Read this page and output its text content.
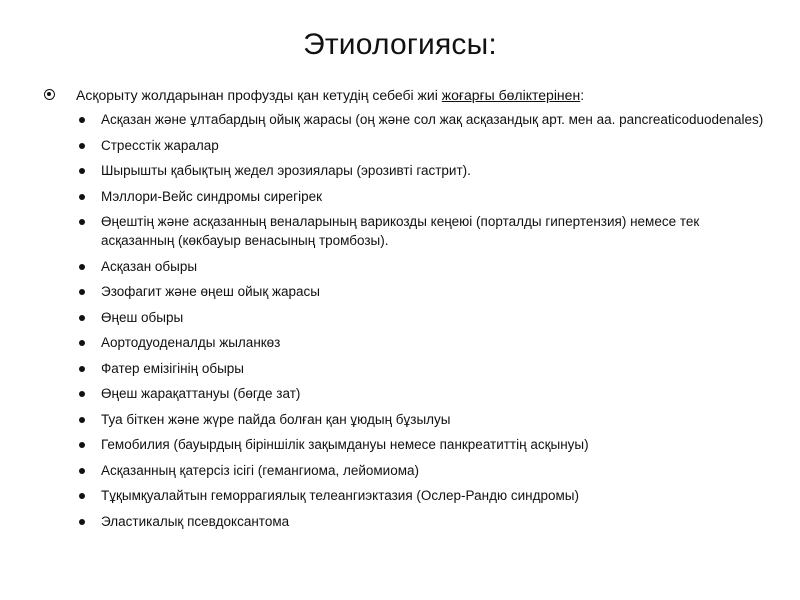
Этиологиясы:
Асқорыту жолдарынан профузды қан кетудің себебі жиі жоғарғы бөліктерінен:
Асқазан және ұлтабардың ойық жарасы (оң және сол жақ асқазандық арт. мен аа. pancreaticoduodenales)
Стресстік жаралар
Шырышты қабықтың жедел эрозиялары (эрозивті гастрит).
Мэллори-Вейс синдромы сирегірек
Өңештің және асқазанның веналарының варикозды кеңеюі (порталды гипертензия) немесе тек асқазанның (көкбауыр венасының тромбозы).
Асқазан обыры
Эзофагит және өңеш ойық жарасы
Өңеш обыры
Аортодуоденалды жыланкөз
Фатер емізігінің обыры
Өңеш жарақаттануы (бөгде зат)
Туа біткен және жүре пайда болған қан ұюдың бұзылуы
Гемобилия (бауырдың біріншілік зақымдануы немесе панкреатиттің асқынуы)
Асқазанның қатерсіз ісігі (гемангиома, лейомиома)
Тұқымқуалайтын геморрагиялық телеангиэктазия (Ослер-Рандю синдромы)
Эластикалық псевдоксантома
